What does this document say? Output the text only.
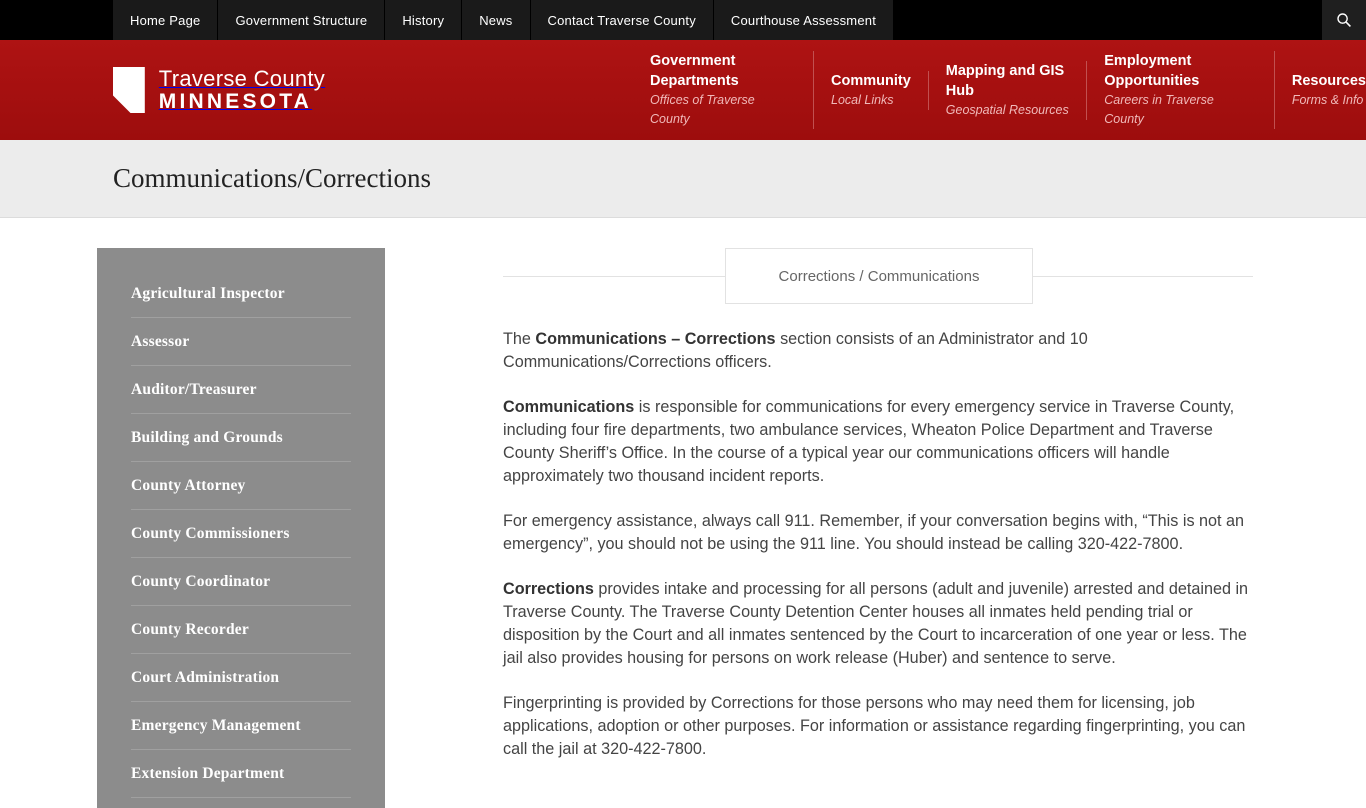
Home Page	Government Structure	History	News	Contact Traverse County	Courthouse Assessment
Traverse County MINNESOTA
Government Departments
Offices of Traverse County
Community
Local Links
Mapping and GIS Hub
Geospatial Resources
Employment Opportunities
Careers in Traverse County
Resources
Forms & Info
Communications/Corrections
Agricultural Inspector
Assessor
Auditor/Treasurer
Building and Grounds
County Attorney
County Commissioners
County Coordinator
County Recorder
Court Administration
Emergency Management
Extension Department
Corrections / Communications

The Communications – Corrections section consists of an Administrator and 10 Communications/Corrections officers.

Communications is responsible for communications for every emergency service in Traverse County, including four fire departments, two ambulance services, Wheaton Police Department and Traverse County Sheriff’s Office. In the course of a typical year our communications officers will handle approximately two thousand incident reports.

For emergency assistance, always call 911. Remember, if your conversation begins with, “This is not an emergency”, you should not be using the 911 line. You should instead be calling 320-422-7800.

Corrections provides intake and processing for all persons (adult and juvenile) arrested and detained in Traverse County. The Traverse County Detention Center houses all inmates held pending trial or disposition by the Court and all inmates sentenced by the Court to incarceration of one year or less. The jail also provides housing for persons on work release (Huber) and sentence to serve.

Fingerprinting is provided by Corrections for those persons who may need them for licensing, job applications, adoption or other purposes. For information or assistance regarding fingerprinting, you can call the jail at 320-422-7800.
